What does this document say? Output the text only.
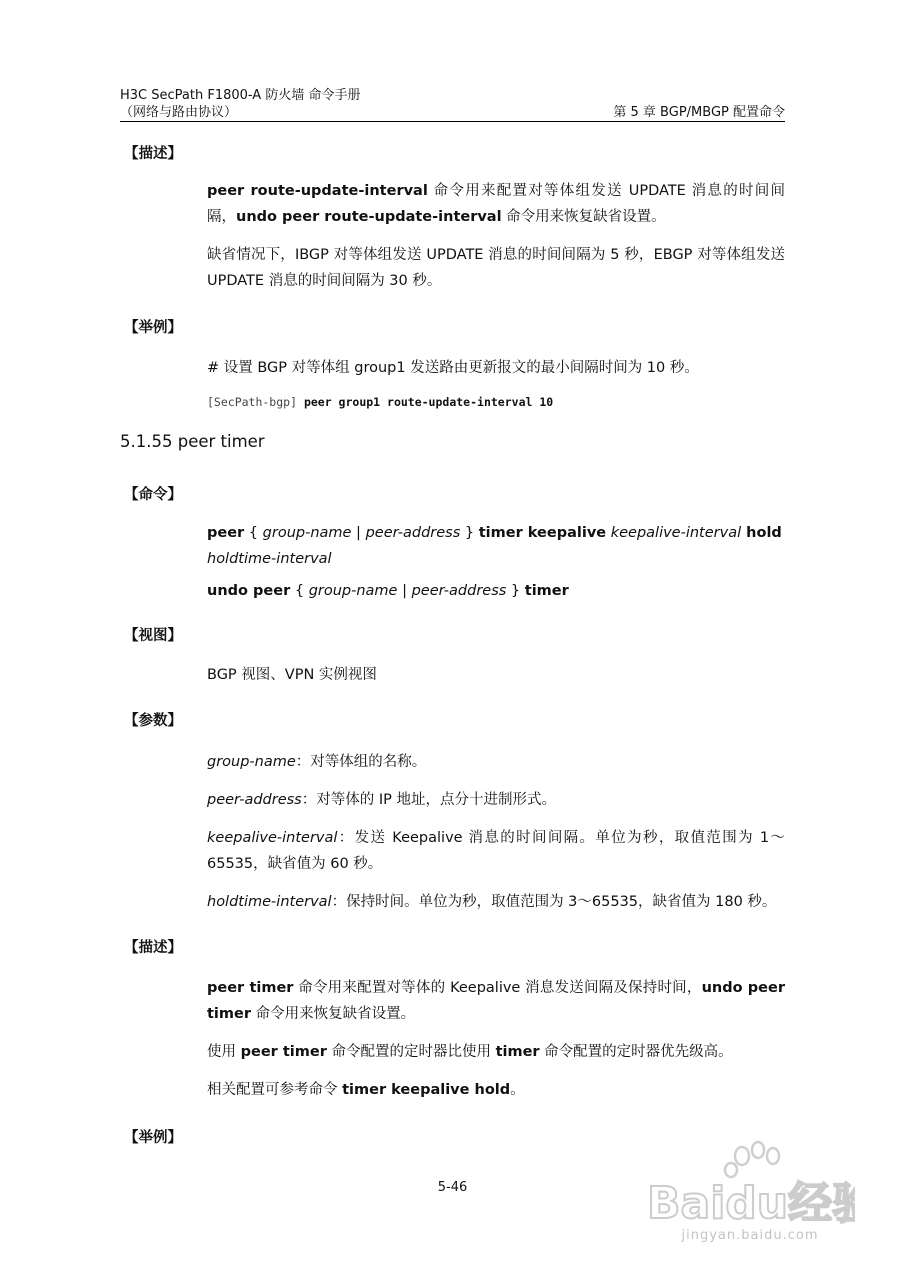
H3C SecPath F1800-A 防火墙 命令手册
（网络与路由协议）	第 5 章 BGP/MBGP 配置命令
【描述】
peer route-update-interval 命令用来配置对等体组发送 UPDATE 消息的时间间隔，undo peer route-update-interval 命令用来恢复缺省设置。
缺省情况下，IBGP 对等体组发送 UPDATE 消息的时间间隔为 5 秒，EBGP 对等体组发送 UPDATE 消息的时间间隔为 30 秒。
【举例】
# 设置 BGP 对等体组 group1 发送路由更新报文的最小间隔时间为 10 秒。
[SecPath-bgp] peer group1 route-update-interval 10
5.1.55 peer timer
【命令】
peer { group-name | peer-address } timer keepalive keepalive-interval hold
holdtime-interval
undo peer { group-name | peer-address } timer
【视图】
BGP 视图、VPN 实例视图
【参数】
group-name：对等体组的名称。
peer-address：对等体的 IP 地址，点分十进制形式。
keepalive-interval：发送 Keepalive 消息的时间间隔。单位为秒，取值范围为 1～65535，缺省值为 60 秒。
holdtime-interval：保持时间。单位为秒，取值范围为 3～65535，缺省值为 180 秒。
【描述】
peer timer 命令用来配置对等体的 Keepalive 消息发送间隔及保持时间，undo peer timer 命令用来恢复缺省设置。
使用 peer timer 命令配置的定时器比使用 timer 命令配置的定时器优先级高。
相关配置可参考命令 timer keepalive hold。
【举例】
5-46	Baidu经验
jingyan.baidu.com
